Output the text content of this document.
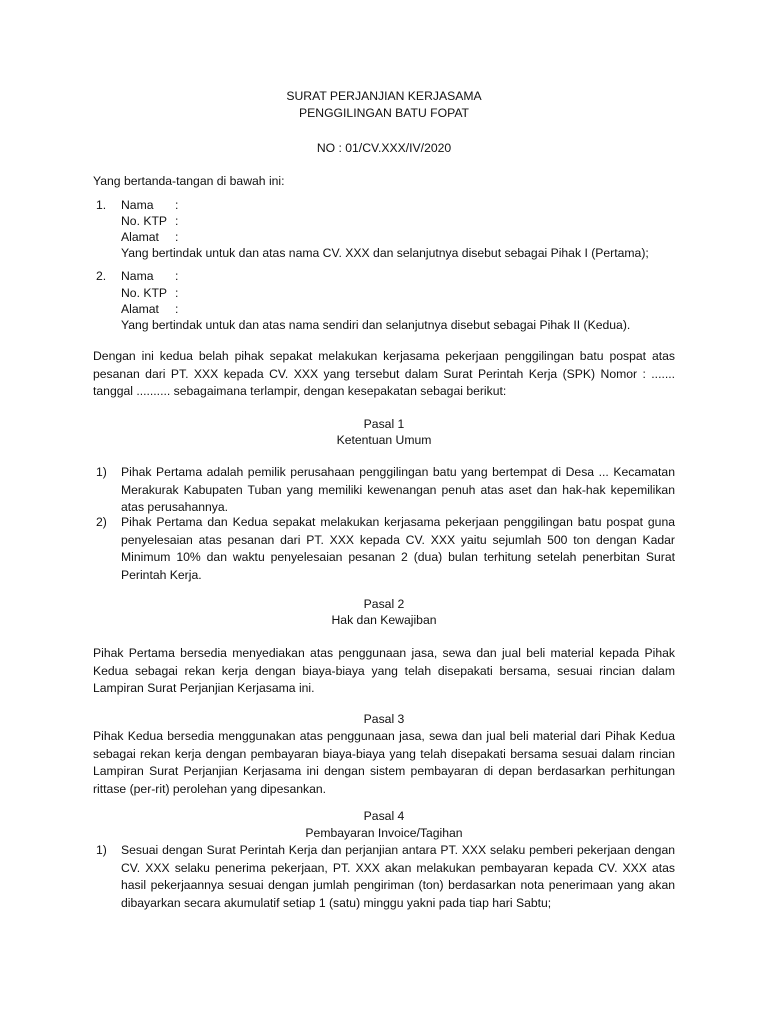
SURAT PERJANJIAN KERJASAMA
PENGGILINGAN BATU FOPAT
NO : 01/CV.XXX/IV/2020
Yang bertanda-tangan di bawah ini:
1. Nama :
No. KTP :
Alamat :
Yang bertindak untuk dan atas nama CV. XXX dan selanjutnya disebut sebagai Pihak I (Pertama);
2. Nama :
No. KTP :
Alamat :
Yang bertindak untuk dan atas nama sendiri dan selanjutnya disebut sebagai Pihak II (Kedua).
Dengan ini kedua belah pihak sepakat melakukan kerjasama pekerjaan penggilingan batu pospat atas pesanan dari PT. XXX kepada CV. XXX yang tersebut dalam Surat Perintah Kerja (SPK) Nomor : ....... tanggal .......... sebagaimana terlampir, dengan kesepakatan sebagai berikut:
Pasal 1
Ketentuan Umum
1) Pihak Pertama adalah pemilik perusahaan penggilingan batu yang bertempat di Desa ... Kecamatan Merakurak Kabupaten Tuban yang memiliki kewenangan penuh atas aset dan hak-hak kepemilikan atas perusahannya.
2) Pihak Pertama dan Kedua sepakat melakukan kerjasama pekerjaan penggilingan batu pospat guna penyelesaian atas pesanan dari PT. XXX kepada CV. XXX yaitu sejumlah 500 ton dengan Kadar Minimum 10% dan waktu penyelesaian pesanan 2 (dua) bulan terhitung setelah penerbitan Surat Perintah Kerja.
Pasal 2
Hak dan Kewajiban
Pihak Pertama bersedia menyediakan atas penggunaan jasa, sewa dan jual beli material kepada Pihak Kedua sebagai rekan kerja dengan biaya-biaya yang telah disepakati bersama, sesuai rincian dalam Lampiran Surat Perjanjian Kerjasama ini.
Pasal 3
Pihak Kedua bersedia menggunakan atas penggunaan jasa, sewa dan jual beli material dari Pihak Kedua sebagai rekan kerja dengan pembayaran biaya-biaya yang telah disepakati bersama sesuai dalam rincian Lampiran Surat Perjanjian Kerjasama ini dengan sistem pembayaran di depan berdasarkan perhitungan rittase (per-rit) perolehan yang dipesankan.
Pasal 4
Pembayaran Invoice/Tagihan
1) Sesuai dengan Surat Perintah Kerja dan perjanjian antara PT. XXX selaku pemberi pekerjaan dengan CV. XXX selaku penerima pekerjaan, PT. XXX akan melakukan pembayaran kepada CV. XXX atas hasil pekerjaannya sesuai dengan jumlah pengiriman (ton) berdasarkan nota penerimaan yang akan dibayarkan secara akumulatif setiap 1 (satu) minggu yakni pada tiap hari Sabtu;
